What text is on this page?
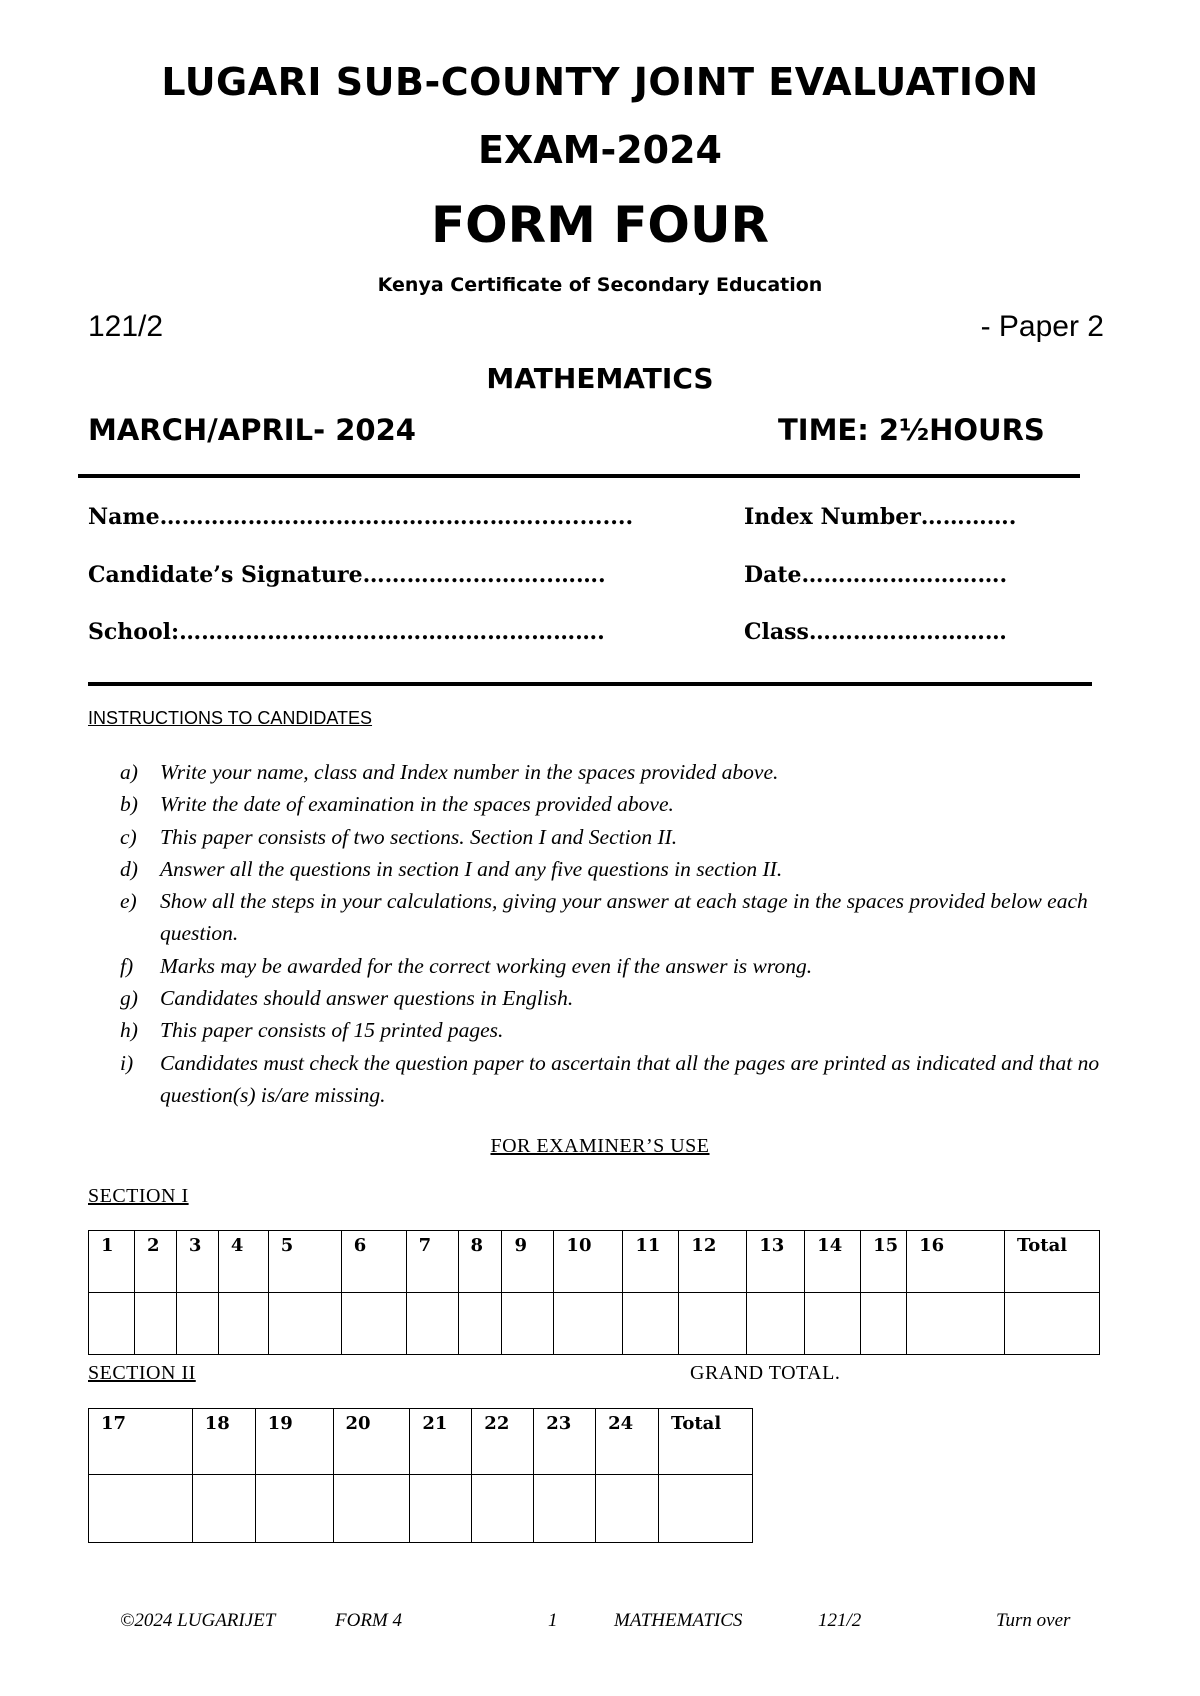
LUGARI SUB-COUNTY JOINT EVALUATION
EXAM-2024
FORM FOUR
Kenya Certificate of Secondary Education
121/2	- Paper 2
MATHEMATICS
MARCH/APRIL- 2024	TIME: 2½HOURS
Name…………………………………………….............	Index Number………….
Candidate’s Signature……………………..…….	Date……………………….
School:………………………………………………….	Class………………………
INSTRUCTIONS TO CANDIDATES
a)	Write your name, class and Index number in the spaces provided above.
b)	Write the date of examination in the spaces provided above.
c)	This paper consists of two sections. Section I and Section II.
d)	Answer all the questions in section I and any five questions in section II.
e)	Show all the steps in your calculations, giving your answer at each stage in the spaces provided below each question.
f)	Marks may be awarded for the correct working even if the answer is wrong.
g)	Candidates should answer questions in English.
h)	This paper consists of 15 printed pages.
i)	Candidates must check the question paper to ascertain that all the pages are printed as indicated and that no question(s) is/are missing.
FOR EXAMINER’S USE
SECTION I
1	2	3	4	5	6	7	8	9	10	11	12	13	14	15	16	Total

SECTION II	GRAND TOTAL.
17	18	19	20	21	22	23	24	Total

©2024 LUGARIJET	FORM 4	1	MATHEMATICS	121/2	Turn over
